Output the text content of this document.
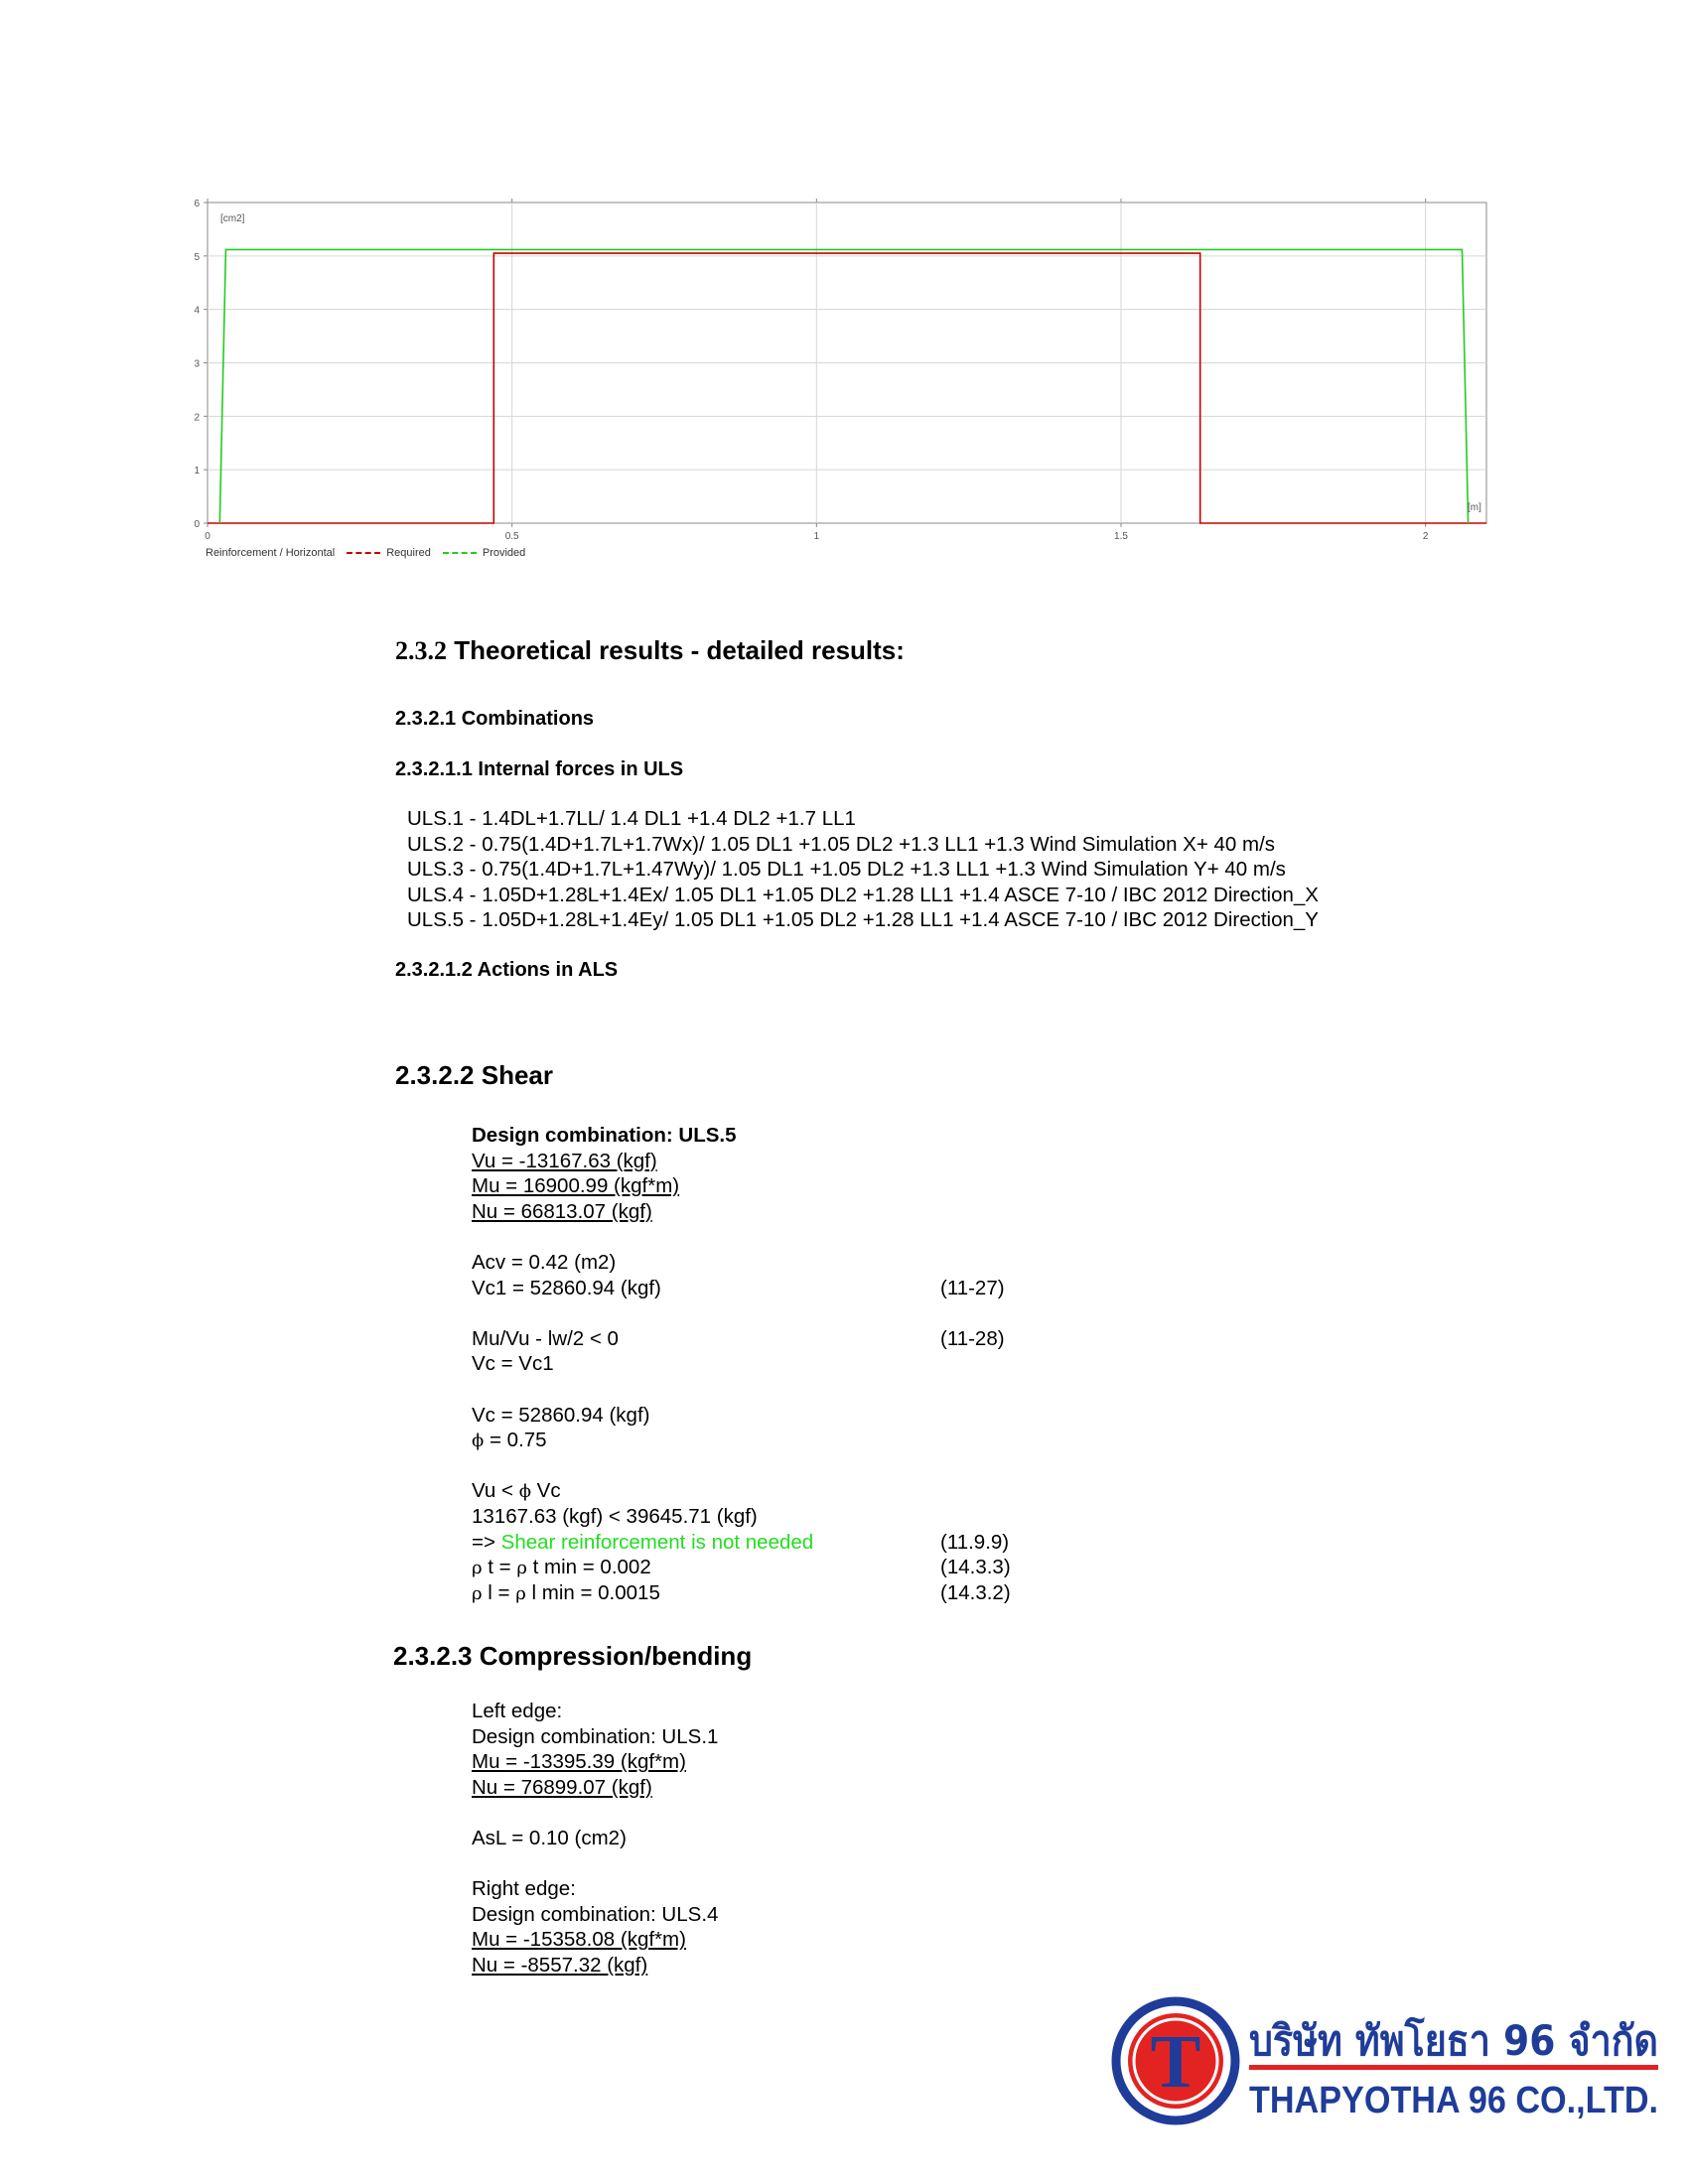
0
1
2
3
4
5
6
0	0.5	1	1.5	2
[cm2]
[m]
Reinforcement / Horizontal	Required	Provided
2.3.2 Theoretical results - detailed results:
2.3.2.1 Combinations
2.3.2.1.1 Internal forces in ULS
ULS.1 - 1.4DL+1.7LL/ 1.4 DL1 +1.4 DL2 +1.7 LL1
ULS.2 - 0.75(1.4D+1.7L+1.7Wx)/ 1.05 DL1 +1.05 DL2 +1.3 LL1 +1.3 Wind Simulation X+ 40 m/s
ULS.3 - 0.75(1.4D+1.7L+1.47Wy)/ 1.05 DL1 +1.05 DL2 +1.3 LL1 +1.3 Wind Simulation Y+ 40 m/s
ULS.4 - 1.05D+1.28L+1.4Ex/ 1.05 DL1 +1.05 DL2 +1.28 LL1 +1.4 ASCE 7-10 / IBC 2012 Direction_X
ULS.5 - 1.05D+1.28L+1.4Ey/ 1.05 DL1 +1.05 DL2 +1.28 LL1 +1.4 ASCE 7-10 / IBC 2012 Direction_Y
2.3.2.1.2 Actions in ALS
2.3.2.2 Shear
Design combination: ULS.5
Vu = -13167.63 (kgf)
Mu = 16900.99 (kgf*m)
Nu = 66813.07 (kgf)
Acv = 0.42 (m2)
Vc1 = 52860.94 (kgf)	(11-27)
Mu/Vu - lw/2 < 0	(11-28)
Vc = Vc1
Vc = 52860.94 (kgf)
ϕ = 0.75
Vu < ϕ Vc
13167.63 (kgf) < 39645.71 (kgf)
=> Shear reinforcement is not needed	(11.9.9)
ρ t = ρ t min = 0.002	(14.3.3)
ρ l = ρ l min = 0.0015	(14.3.2)
2.3.2.3 Compression/bending
Left edge:
Design combination: ULS.1
Mu = -13395.39 (kgf*m)
Nu = 76899.07 (kgf)
AsL = 0.10 (cm2)
Right edge:
Design combination: ULS.4
Mu = -15358.08 (kgf*m)
Nu = -8557.32 (kgf)
T บริษัท ทัพโยธา 96 จำกัด
THAPYOTHA 96 CO.,LTD.
